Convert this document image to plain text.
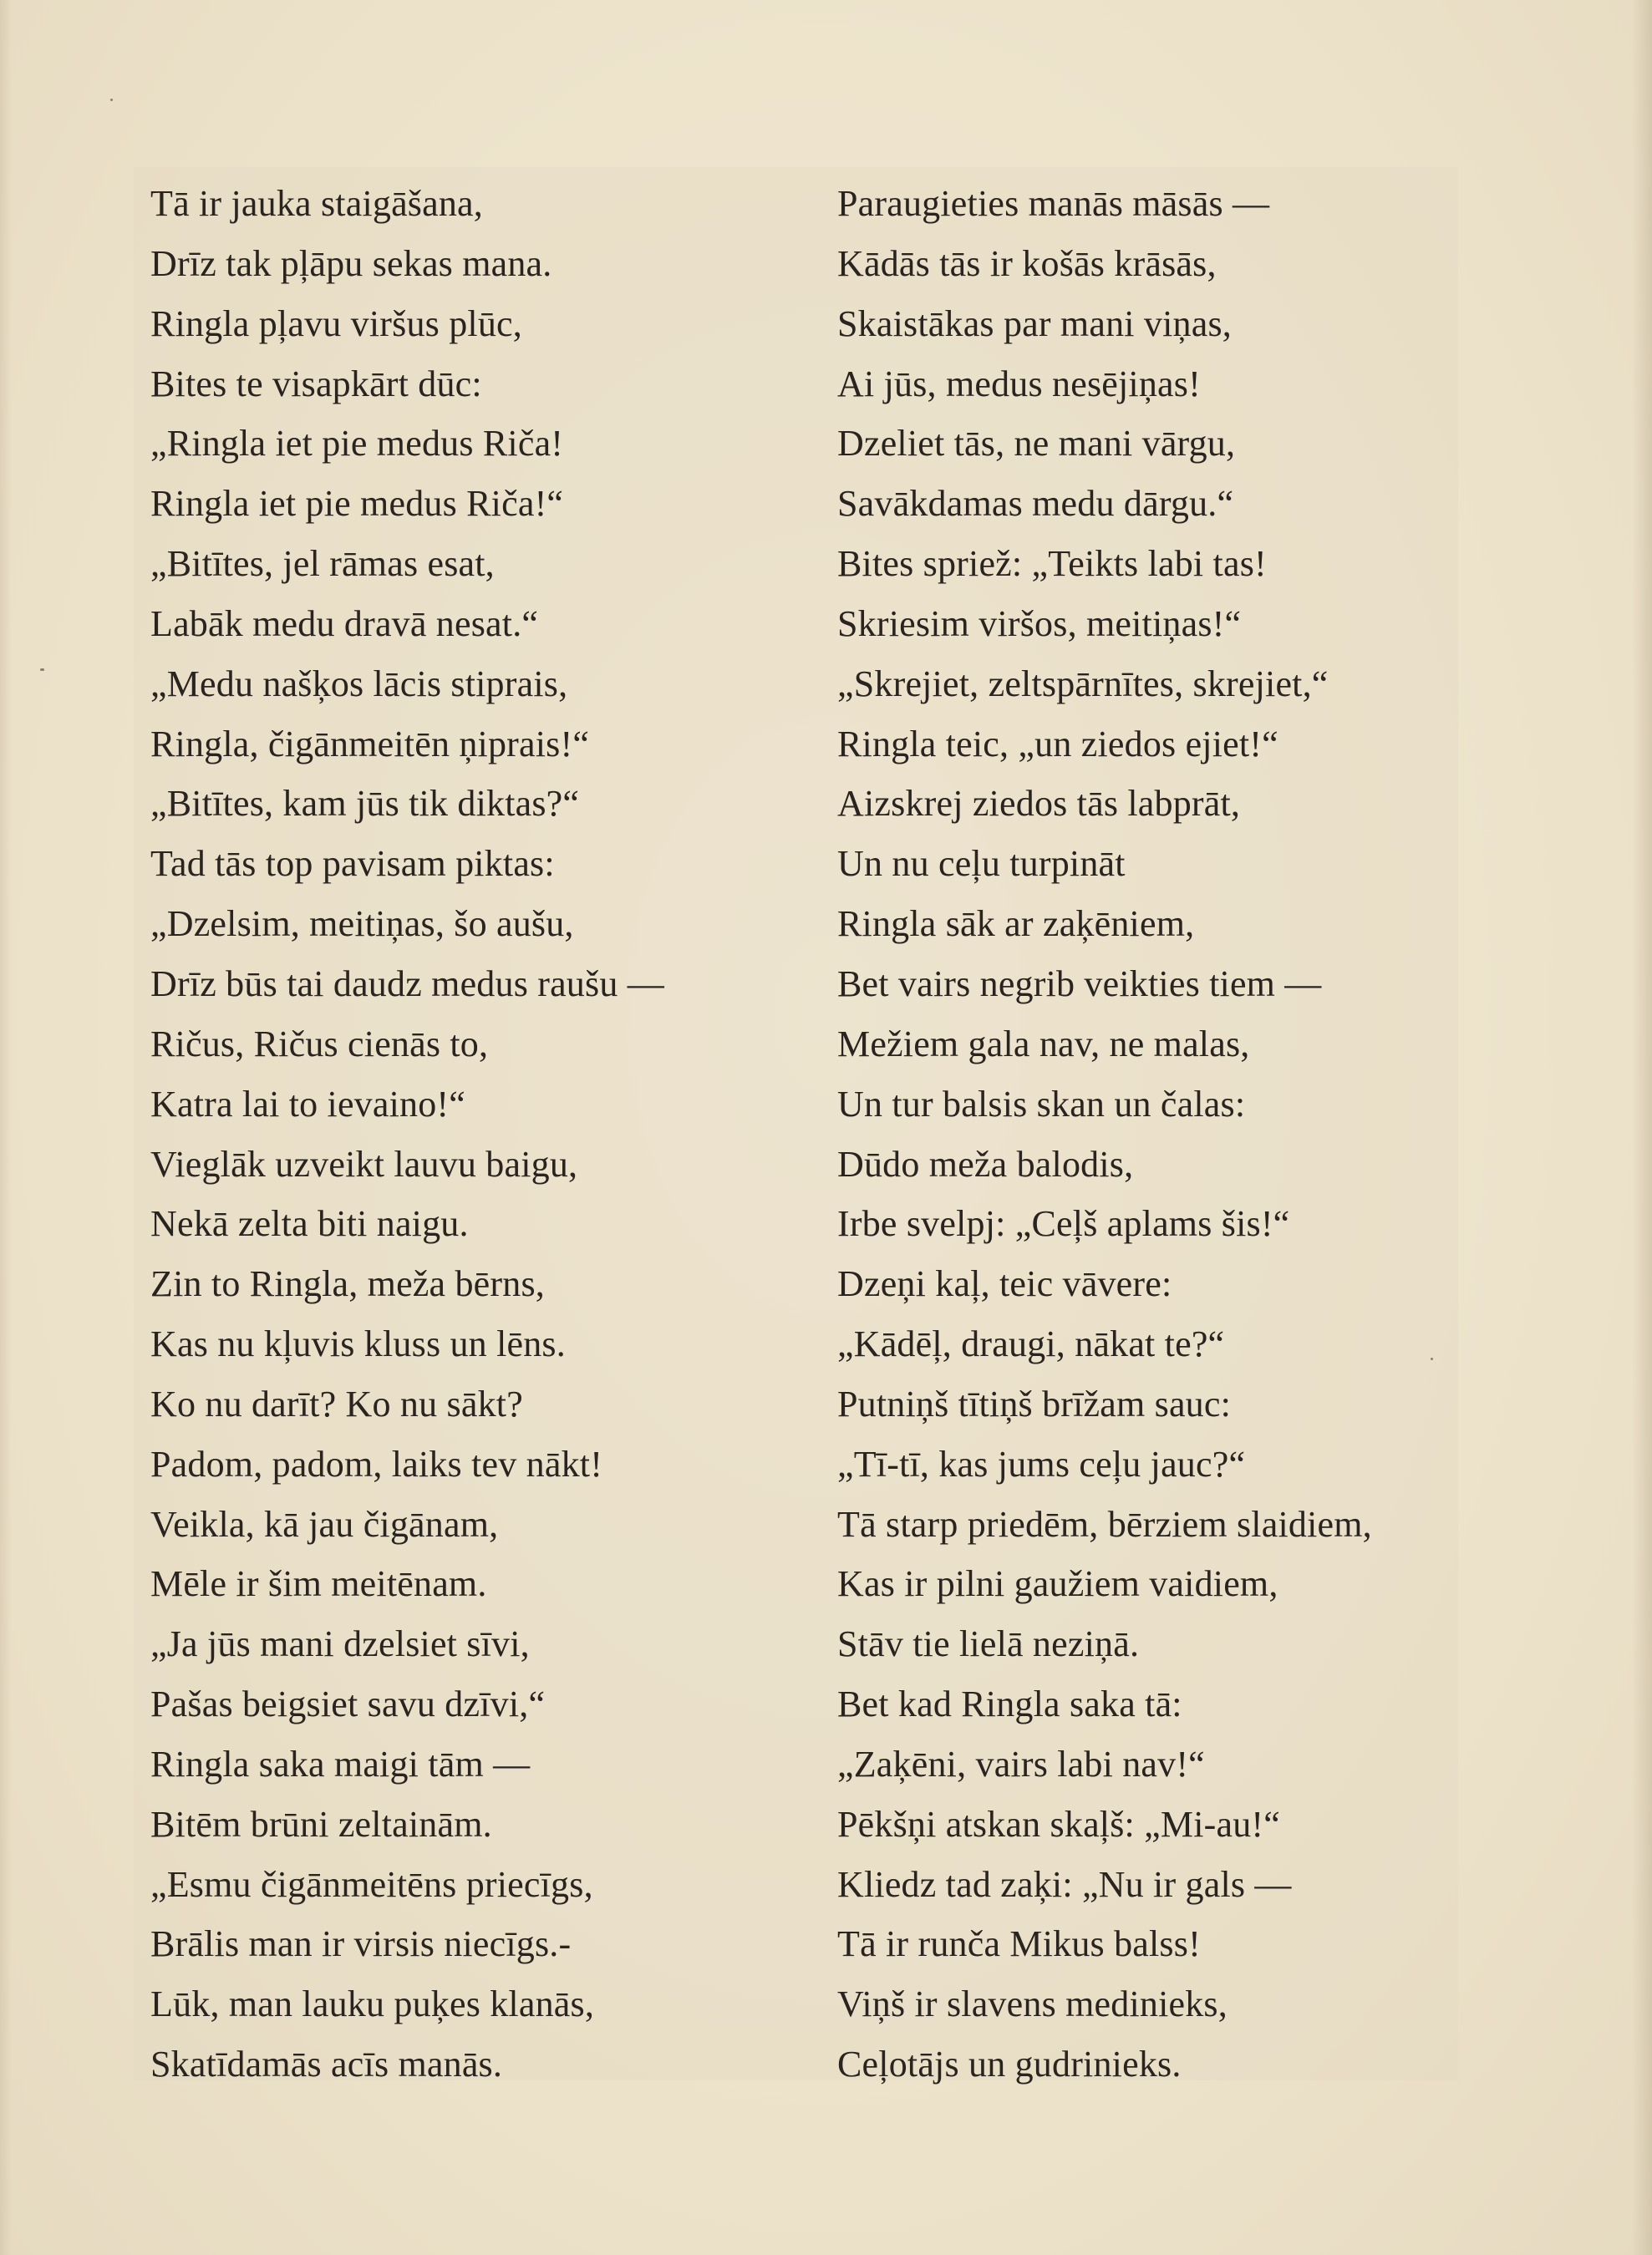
Tā ir jauka staigāšana,
Drīz tak pļāpu sekas mana.
Ringla pļavu viršus plūc,
Bites te visapkārt dūc:
„Ringla iet pie medus Riča!
Ringla iet pie medus Riča!“
„Bitītes, jel rāmas esat,
Labāk medu dravā nesat.“
„Medu našķos lācis stiprais,
Ringla, čigānmeitēn ņiprais!“
„Bitītes, kam jūs tik diktas?“
Tad tās top pavisam piktas:
„Dzelsim, meitiņas, šo aušu,
Drīz būs tai daudz medus raušu —
Ričus, Ričus cienās to,
Katra lai to ievaino!“
Vieglāk uzveikt lauvu baigu,
Nekā zelta biti naigu.
Zin to Ringla, meža bērns,
Kas nu kļuvis kluss un lēns.
Ko nu darīt? Ko nu sākt?
Padom, padom, laiks tev nākt!
Veikla, kā jau čigānam,
Mēle ir šim meitēnam.
„Ja jūs mani dzelsiet sīvi,
Pašas beigsiet savu dzīvi,“
Ringla saka maigi tām —
Bitēm brūni zeltainām.
„Esmu čigānmeitēns priecīgs,
Brālis man ir virsis niecīgs.-
Lūk, man lauku puķes klanās,
Skatīdamās acīs manās.
Paraugieties manās māsās —
Kādās tās ir košās krāsās,
Skaistākas par mani viņas,
Ai jūs, medus nesējiņas!
Dzeliet tās, ne mani vārgu,
Savākdamas medu dārgu.“
Bites spriež: „Teikts labi tas!
Skriesim viršos, meitiņas!“
„Skrejiet, zeltspārnītes, skrejiet,“
Ringla teic, „un ziedos ejiet!“
Aizskrej ziedos tās labprāt,
Un nu ceļu turpināt
Ringla sāk ar zaķēniem,
Bet vairs negrib veikties tiem —
Mežiem gala nav, ne malas,
Un tur balsis skan un čalas:
Dūdo meža balodis,
Irbe svelpj: „Ceļš aplams šis!“
Dzeņi kaļ, teic vāvere:
„Kādēļ, draugi, nākat te?“
Putniņš tītiņš brīžam sauc:
„Tī-tī, kas jums ceļu jauc?“
Tā starp priedēm, bērziem slaidiem,
Kas ir pilni gaužiem vaidiem,
Stāv tie lielā neziņā.
Bet kad Ringla saka tā:
„Zaķēni, vairs labi nav!“
Pēkšņi atskan skaļš: „Mi-au!“
Kliedz tad zaķi: „Nu ir gals —
Tā ir runča Mikus balss!
Viņš ir slavens medinieks,
Ceļotājs un gudrinieks.
